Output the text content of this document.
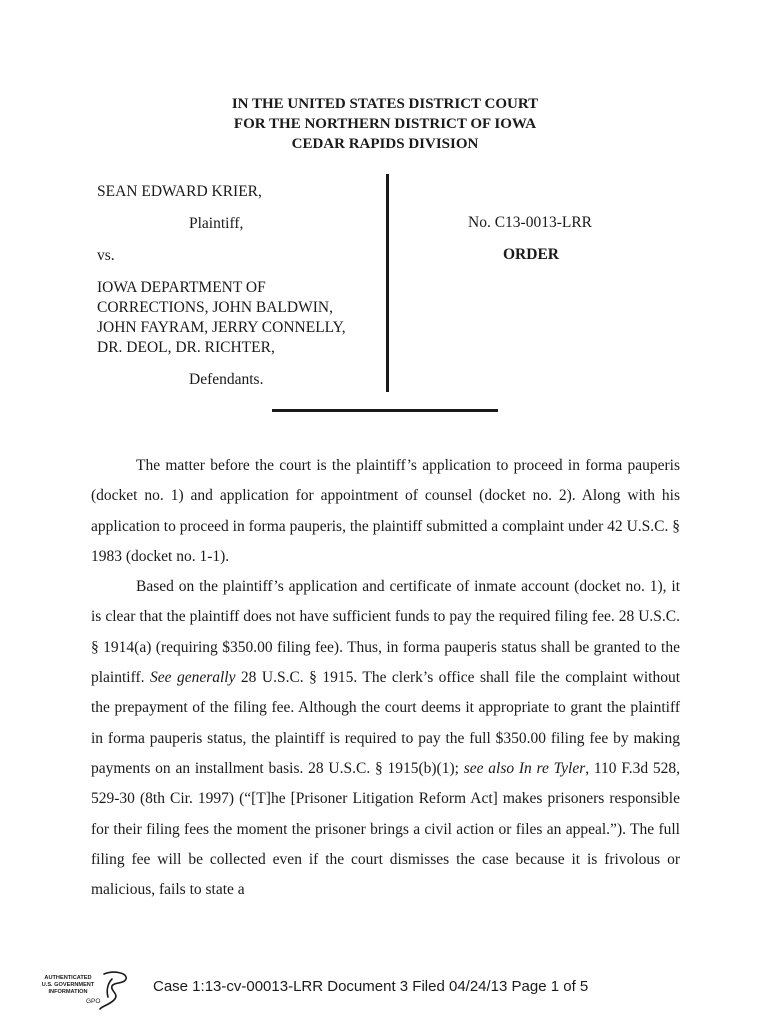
IN THE UNITED STATES DISTRICT COURT
FOR THE NORTHERN DISTRICT OF IOWA
CEDAR RAPIDS DIVISION
SEAN EDWARD KRIER,
Plaintiff,
vs.
IOWA DEPARTMENT OF
CORRECTIONS, JOHN BALDWIN,
JOHN FAYRAM, JERRY CONNELLY,
DR. DEOL, DR. RICHTER,
Defendants.
No. C13-0013-LRR
ORDER

The matter before the court is the plaintiff’s application to proceed in forma pauperis (docket no. 1) and application for appointment of counsel (docket no. 2). Along with his application to proceed in forma pauperis, the plaintiff submitted a complaint under 42 U.S.C. § 1983 (docket no. 1-1).

Based on the plaintiff’s application and certificate of inmate account (docket no. 1), it is clear that the plaintiff does not have sufficient funds to pay the required filing fee. 28 U.S.C. § 1914(a) (requiring $350.00 filing fee). Thus, in forma pauperis status shall be granted to the plaintiff. See generally 28 U.S.C. § 1915. The clerk’s office shall file the complaint without the prepayment of the filing fee. Although the court deems it appropriate to grant the plaintiff in forma pauperis status, the plaintiff is required to pay the full $350.00 filing fee by making payments on an installment basis. 28 U.S.C. § 1915(b)(1); see also In re Tyler, 110 F.3d 528, 529-30 (8th Cir. 1997) (“[T]he [Prisoner Litigation Reform Act] makes prisoners responsible for their filing fees the moment the prisoner brings a civil action or files an appeal.”). The full filing fee will be collected even if the court dismisses the case because it is frivolous or malicious, fails to state a

AUTHENTICATED
U.S. GOVERNMENT
INFORMATION
GPO
Case 1:13-cv-00013-LRR Document 3 Filed 04/24/13 Page 1 of 5
